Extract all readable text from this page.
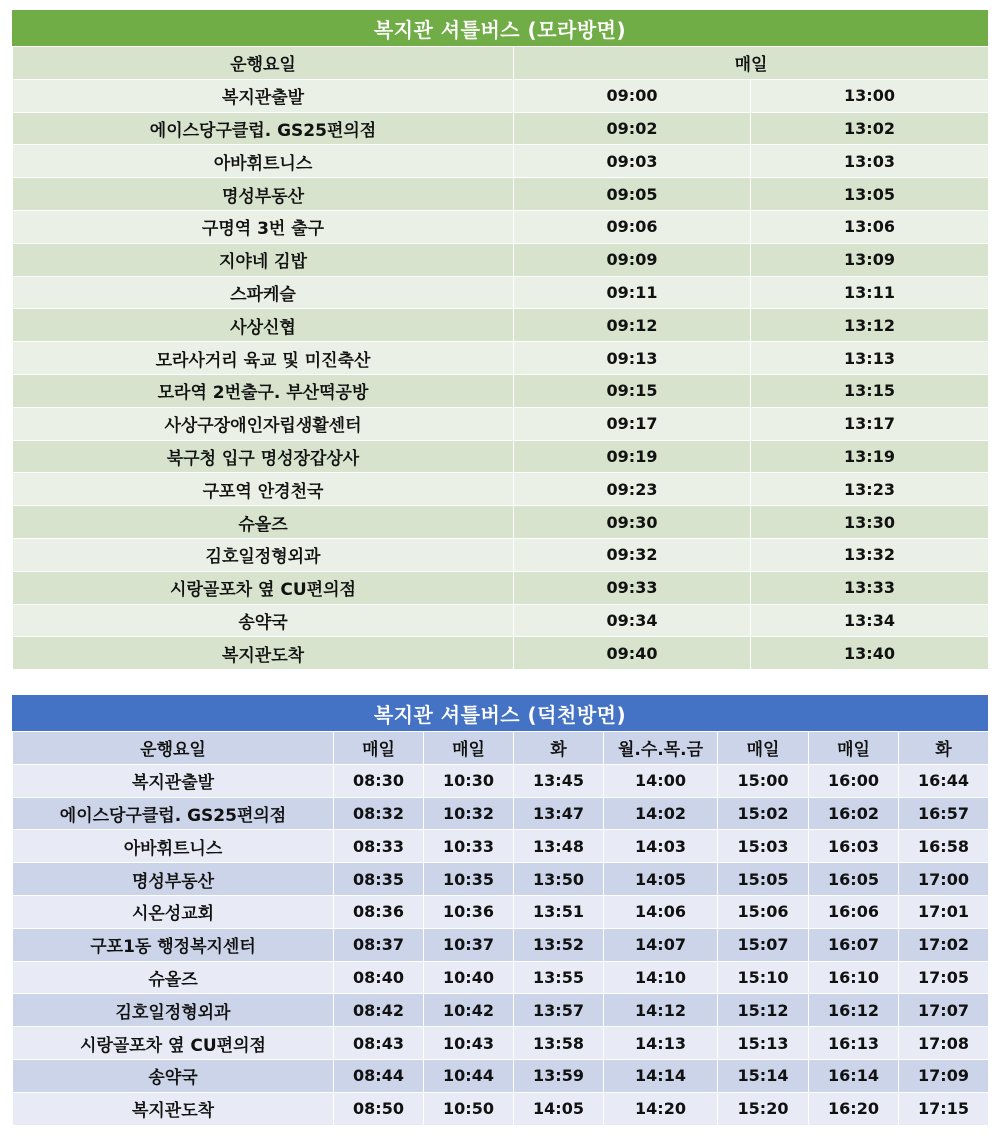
복지관 셔틀버스 (모라방면)
운행요일	매일	
복지관출발	09:00	13:00
에이스당구클럽. GS25편의점	09:02	13:02
아바휘트니스	09:03	13:03
명성부동산	09:05	13:05
구명역 3번 출구	09:06	13:06
지야네 김밥	09:09	13:09
스파케슬	09:11	13:11
사상신협	09:12	13:12
모라사거리 육교 및 미진축산	09:13	13:13
모라역 2번출구. 부산떡공방	09:15	13:15
사상구장애인자립생활센터	09:17	13:17
북구청 입구 명성장갑상사	09:19	13:19
구포역 안경천국	09:23	13:23
슈올즈	09:30	13:30
김호일정형외과	09:32	13:32
시랑골포차 옆 CU편의점	09:33	13:33
송약국	09:34	13:34
복지관도착	09:40	13:40
복지관 셔틀버스 (덕천방면)
운행요일	매일	매일	화	월.수.목.금	매일	매일	화
복지관출발	08:30	10:30	13:45	14:00	15:00	16:00	16:44
에이스당구클럽. GS25편의점	08:32	10:32	13:47	14:02	15:02	16:02	16:57
아바휘트니스	08:33	10:33	13:48	14:03	15:03	16:03	16:58
명성부동산	08:35	10:35	13:50	14:05	15:05	16:05	17:00
시온성교회	08:36	10:36	13:51	14:06	15:06	16:06	17:01
구포1동 행정복지센터	08:37	10:37	13:52	14:07	15:07	16:07	17:02
슈올즈	08:40	10:40	13:55	14:10	15:10	16:10	17:05
김호일정형외과	08:42	10:42	13:57	14:12	15:12	16:12	17:07
시랑골포차 옆 CU편의점	08:43	10:43	13:58	14:13	15:13	16:13	17:08
송약국	08:44	10:44	13:59	14:14	15:14	16:14	17:09
복지관도착	08:50	10:50	14:05	14:20	15:20	16:20	17:15
